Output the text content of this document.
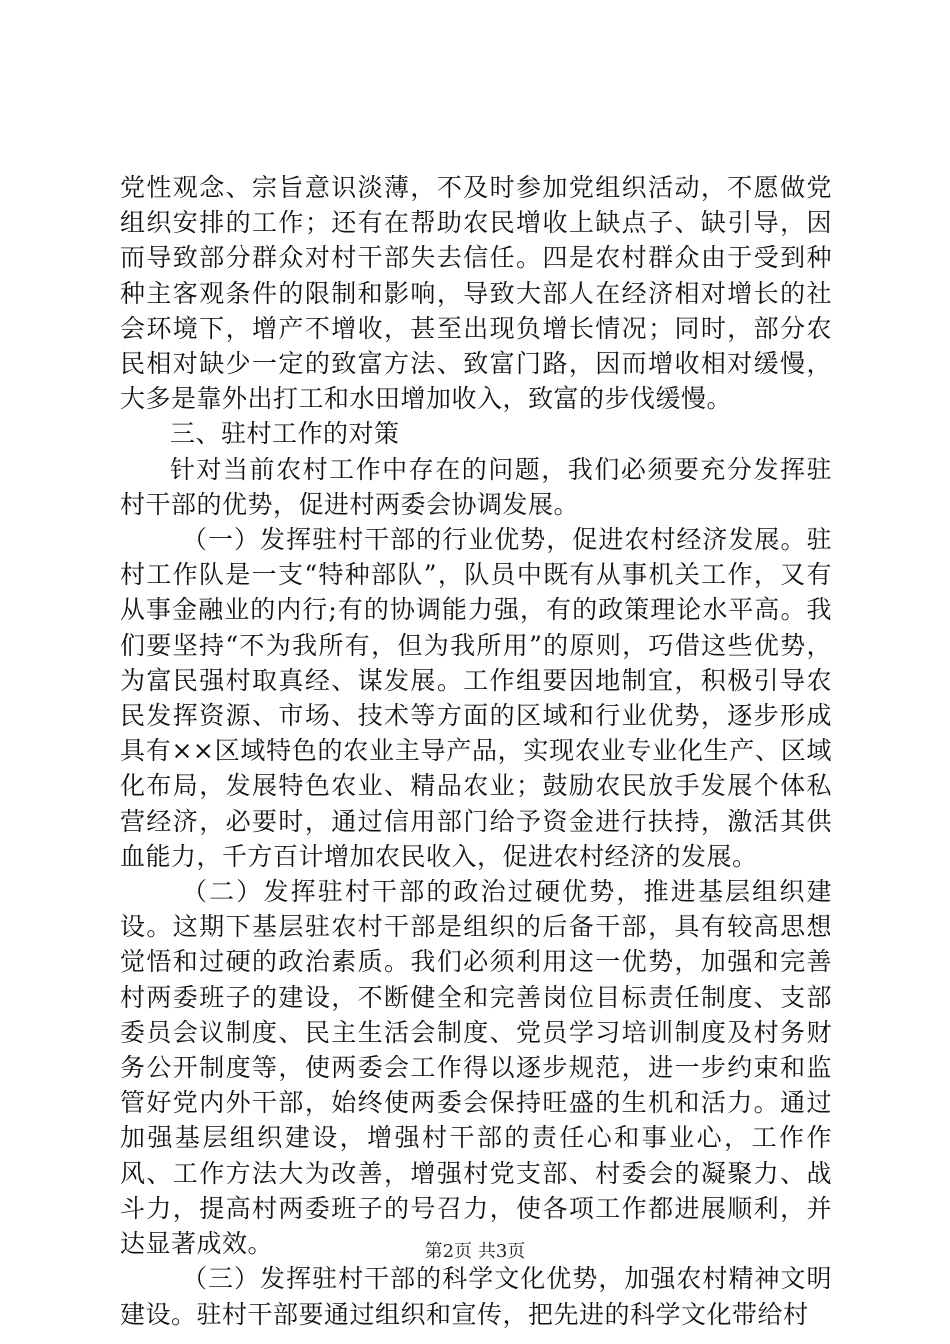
党性观念、宗旨意识淡薄，不及时参加党组织活动，不愿做党组织安排的工作；还有在帮助农民增收上缺点子、缺引导，因而导致部分群众对村干部失去信任。四是农村群众由于受到种种主客观条件的限制和影响，导致大部人在经济相对增长的社会环境下，增产不增收，甚至出现负增长情况；同时，部分农民相对缺少一定的致富方法、致富门路，因而增收相对缓慢，大多是靠外出打工和水田增加收入，致富的步伐缓慢。

三、驻村工作的对策

针对当前农村工作中存在的问题，我们必须要充分发挥驻村干部的优势，促进村两委会协调发展。

（一）发挥驻村干部的行业优势，促进农村经济发展。驻村工作队是一支“特种部队”，队员中既有从事机关工作，又有从事金融业的内行;有的协调能力强，有的政策理论水平高。我们要坚持“不为我所有，但为我所用”的原则，巧借这些优势，为富民强村取真经、谋发展。工作组要因地制宜，积极引导农民发挥资源、市场、技术等方面的区域和行业优势，逐步形成具有××区域特色的农业主导产品，实现农业专业化生产、区域化布局，发展特色农业、精品农业；鼓励农民放手发展个体私营经济，必要时，通过信用部门给予资金进行扶持，激活其供血能力，千方百计增加农民收入，促进农村经济的发展。

（二）发挥驻村干部的政治过硬优势，推进基层组织建设。这期下基层驻农村干部是组织的后备干部，具有较高思想觉悟和过硬的政治素质。我们必须利用这一优势，加强和完善村两委班子的建设，不断健全和完善岗位目标责任制度、支部委员会议制度、民主生活会制度、党员学习培训制度及村务财务公开制度等，使两委会工作得以逐步规范，进一步约束和监管好党内外干部，始终使两委会保持旺盛的生机和活力。通过加强基层组织建设，增强村干部的责任心和事业心，工作作风、工作方法大为改善，增强村党支部、村委会的凝聚力、战斗力，提高村两委班子的号召力，使各项工作都进展顺利，并达显著成效。

（三）发挥驻村干部的科学文化优势，加强农村精神文明建设。驻村干部要通过组织和宣传，把先进的科学文化带给村

第2页 共3页
